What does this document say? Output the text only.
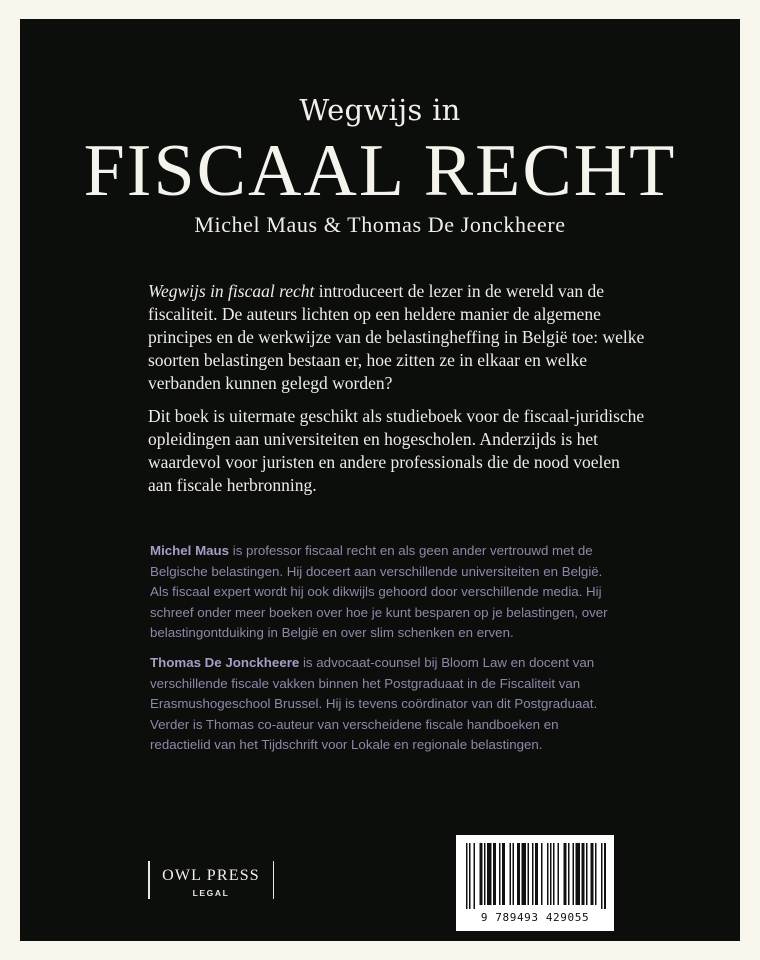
Wegwijs in
FISCAAL RECHT
Michel Maus & Thomas De Jonckheere

Wegwijs in fiscaal recht introduceert de lezer in de wereld van de fiscaliteit. De auteurs lichten op een heldere manier de algemene principes en de werkwijze van de belastingheffing in België toe: welke soorten belastingen bestaan er, hoe zitten ze in elkaar en welke verbanden kunnen gelegd worden?

Dit boek is uitermate geschikt als studieboek voor de fiscaal-juridische opleidingen aan universiteiten en hogescholen. Anderzijds is het waardevol voor juristen en andere professionals die de nood voelen aan fiscale herbronning.

Michel Maus is professor fiscaal recht en als geen ander vertrouwd met de Belgische belastingen. Hij doceert aan verschillende universiteiten en België. Als fiscaal expert wordt hij ook dikwijls gehoord door verschillende media. Hij schreef onder meer boeken over hoe je kunt besparen op je belastingen, over belastingontduiking in België en over slim schenken en erven.

Thomas De Jonckheere is advocaat-counsel bij Bloom Law en docent van verschillende fiscale vakken binnen het Postgraduaat in de Fiscaliteit van Erasmushogeschool Brussel. Hij is tevens coördinator van dit Postgraduaat. Verder is Thomas co-auteur van verscheidene fiscale handboeken en redactielid van het Tijdschrift voor Lokale en regionale belastingen.

OWL PRESS
LEGAL
9 789493 429055
